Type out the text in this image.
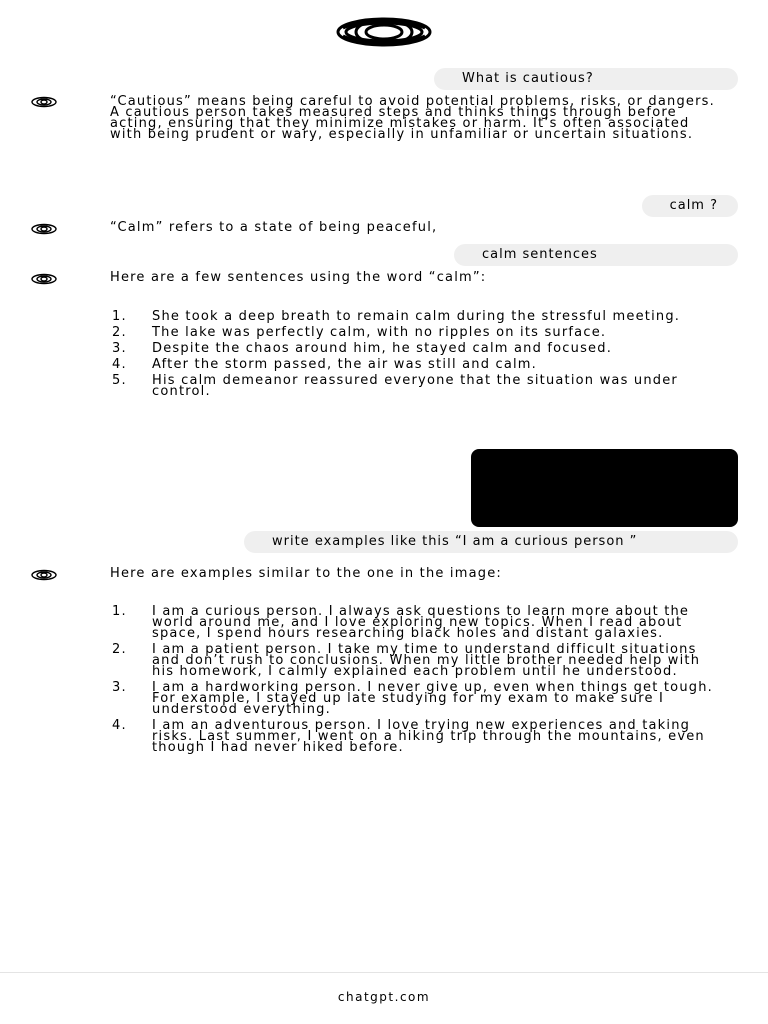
What is cautious?

“Cautious” means being careful to avoid potential problems, risks, or dangers. A cautious person takes measured steps and thinks things through before acting, ensuring that they minimize mistakes or harm. It’s often associated with being prudent or wary, especially in unfamiliar or uncertain situations.

calm ?

“Calm” refers to a state of being peaceful,

calm sentences

Here are a few sentences using the word “calm”:

1. She took a deep breath to remain calm during the stressful meeting.
2. The lake was perfectly calm, with no ripples on its surface.
3. Despite the chaos around him, he stayed calm and focused.
4. After the storm passed, the air was still and calm.
5. His calm demeanor reassured everyone that the situation was under control.
write examples like this “I am a curious person ”

Here are examples similar to the one in the image:

1. I am a curious person. I always ask questions to learn more about the world around me, and I love exploring new topics. When I read about space, I spend hours researching black holes and distant galaxies.
2. I am a patient person. I take my time to understand difficult situations and don’t rush to conclusions. When my little brother needed help with his homework, I calmly explained each problem until he understood.
3. I am a hardworking person. I never give up, even when things get tough. For example, I stayed up late studying for my exam to make sure I understood everything.
4. I am an adventurous person. I love trying new experiences and taking risks. Last summer, I went on a hiking trip through the mountains, even though I had never hiked before.
chatgpt.com
